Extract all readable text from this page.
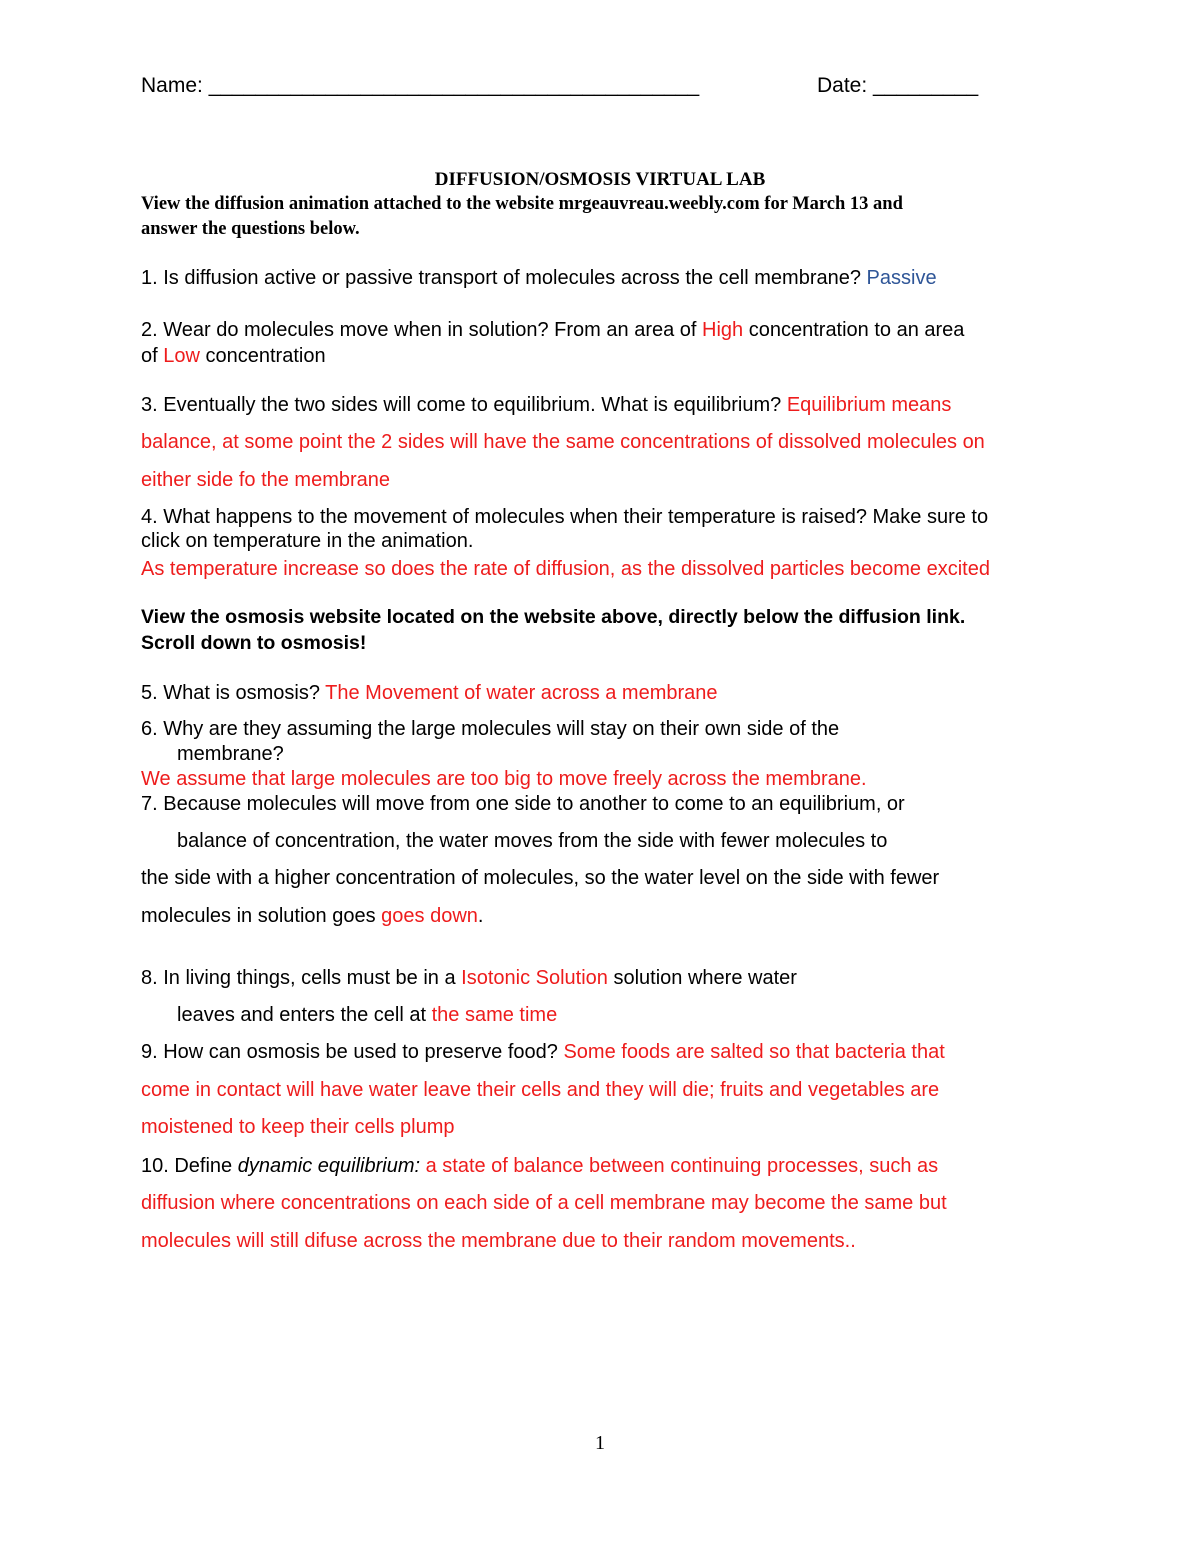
Name: __________________________________________	Date: _________
DIFFUSION/OSMOSIS VIRTUAL LAB
View the diffusion animation attached to the website mrgeauvreau.weebly.com for March 13 and
answer the questions below.
1. Is diffusion active or passive transport of molecules across the cell membrane? Passive
2. Wear do molecules move when in solution? From an area of High concentration to an area
of Low concentration
3. Eventually the two sides will come to equilibrium. What is equilibrium? Equilibrium means
balance, at some point the 2 sides will have the same concentrations of dissolved molecules on
either side fo the membrane
4. What happens to the movement of molecules when their temperature is raised? Make sure to
click on temperature in the animation.
As temperature increase so does the rate of diffusion, as the dissolved particles become excited
View the osmosis website located on the website above, directly below the diffusion link.
Scroll down to osmosis!
5. What is osmosis? The Movement of water across a membrane
6. Why are they assuming the large molecules will stay on their own side of the
membrane?
We assume that large molecules are too big to move freely across the membrane.
7. Because molecules will move from one side to another to come to an equilibrium, or
balance of concentration, the water moves from the side with fewer molecules to
the side with a higher concentration of molecules, so the water level on the side with fewer
molecules in solution goes goes down.
8. In living things, cells must be in a Isotonic Solution solution where water
leaves and enters the cell at the same time
9. How can osmosis be used to preserve food? Some foods are salted so that bacteria that
come in contact will have water leave their cells and they will die; fruits and vegetables are
moistened to keep their cells plump
10. Define dynamic equilibrium: a state of balance between continuing processes, such as
diffusion where concentrations on each side of a cell membrane may become the same but
molecules will still difuse across the membrane due to their random movements..
1
